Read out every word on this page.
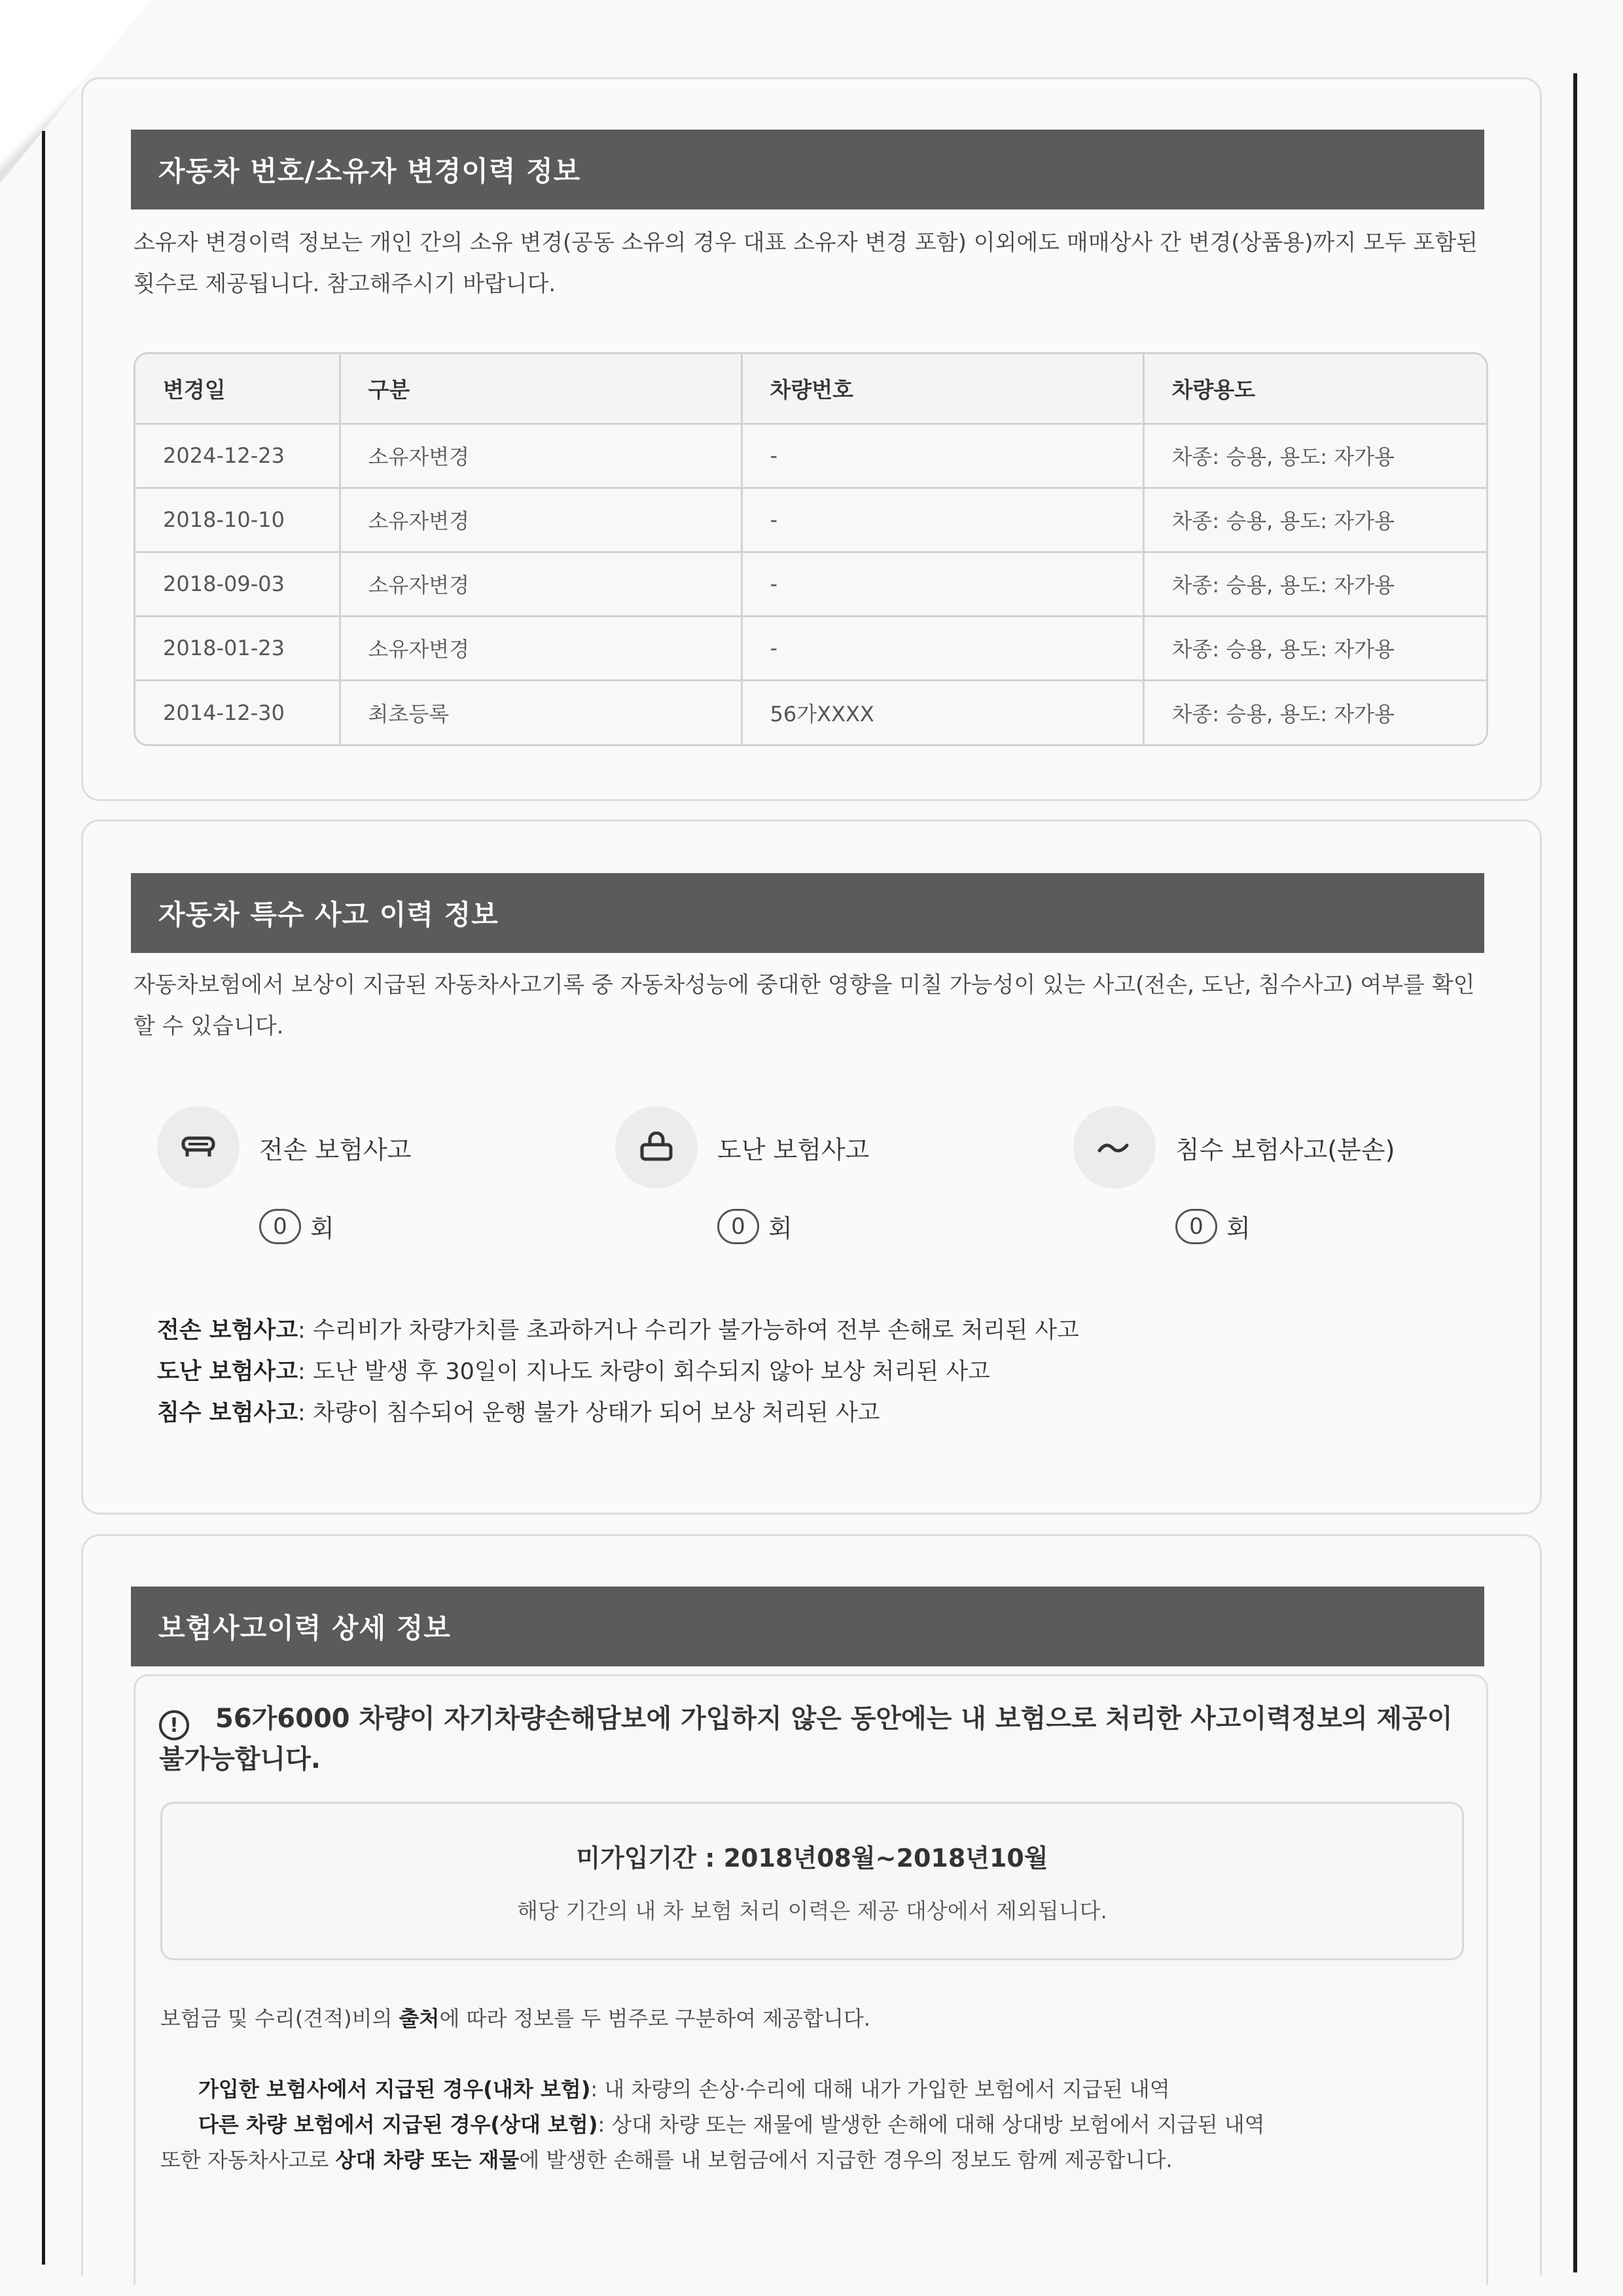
자동차 번호/소유자 변경이력 정보
소유자 변경이력 정보는 개인 간의 소유 변경(공동 소유의 경우 대표 소유자 변경 포함) 이외에도 매매상사 간 변경(상품용)까지 모두 포함된 횟수로 제공됩니다. 참고해주시기 바랍니다.
변경일	구분	차량번호	차량용도
2024-12-23	소유자변경	-	차종: 승용, 용도: 자가용
2018-10-10	소유자변경	-	차종: 승용, 용도: 자가용
2018-09-03	소유자변경	-	차종: 승용, 용도: 자가용
2018-01-23	소유자변경	-	차종: 승용, 용도: 자가용
2014-12-30	최초등록	56가XXXX	차종: 승용, 용도: 자가용
자동차 특수 사고 이력 정보
자동차보험에서 보상이 지급된 자동차사고기록 중 자동차성능에 중대한 영향을 미칠 가능성이 있는 사고(전손, 도난, 침수사고) 여부를 확인할 수 있습니다.
전손 보험사고
0 회
도난 보험사고
0 회
침수 보험사고(분손)
0 회
전손 보험사고: 수리비가 차량가치를 초과하거나 수리가 불가능하여 전부 손해로 처리된 사고
도난 보험사고: 도난 발생 후 30일이 지나도 차량이 회수되지 않아 보상 처리된 사고
침수 보험사고: 차량이 침수되어 운행 불가 상태가 되어 보상 처리된 사고
보험사고이력 상세 정보
!	56가6000 차량이 자기차량손해담보에 가입하지 않은 동안에는 내 보험으로 처리한 사고이력정보의 제공이 불가능합니다.
미가입기간 : 2018년08월~2018년10월
해당 기간의 내 차 보험 처리 이력은 제공 대상에서 제외됩니다.
보험금 및 수리(견적)비의 출처에 따라 정보를 두 범주로 구분하여 제공합니다.
가입한 보험사에서 지급된 경우(내차 보험): 내 차량의 손상·수리에 대해 내가 가입한 보험에서 지급된 내역
다른 차량 보험에서 지급된 경우(상대 보험): 상대 차량 또는 재물에 발생한 손해에 대해 상대방 보험에서 지급된 내역
또한 자동차사고로 상대 차량 또는 재물에 발생한 손해를 내 보험금에서 지급한 경우의 정보도 함께 제공합니다.
